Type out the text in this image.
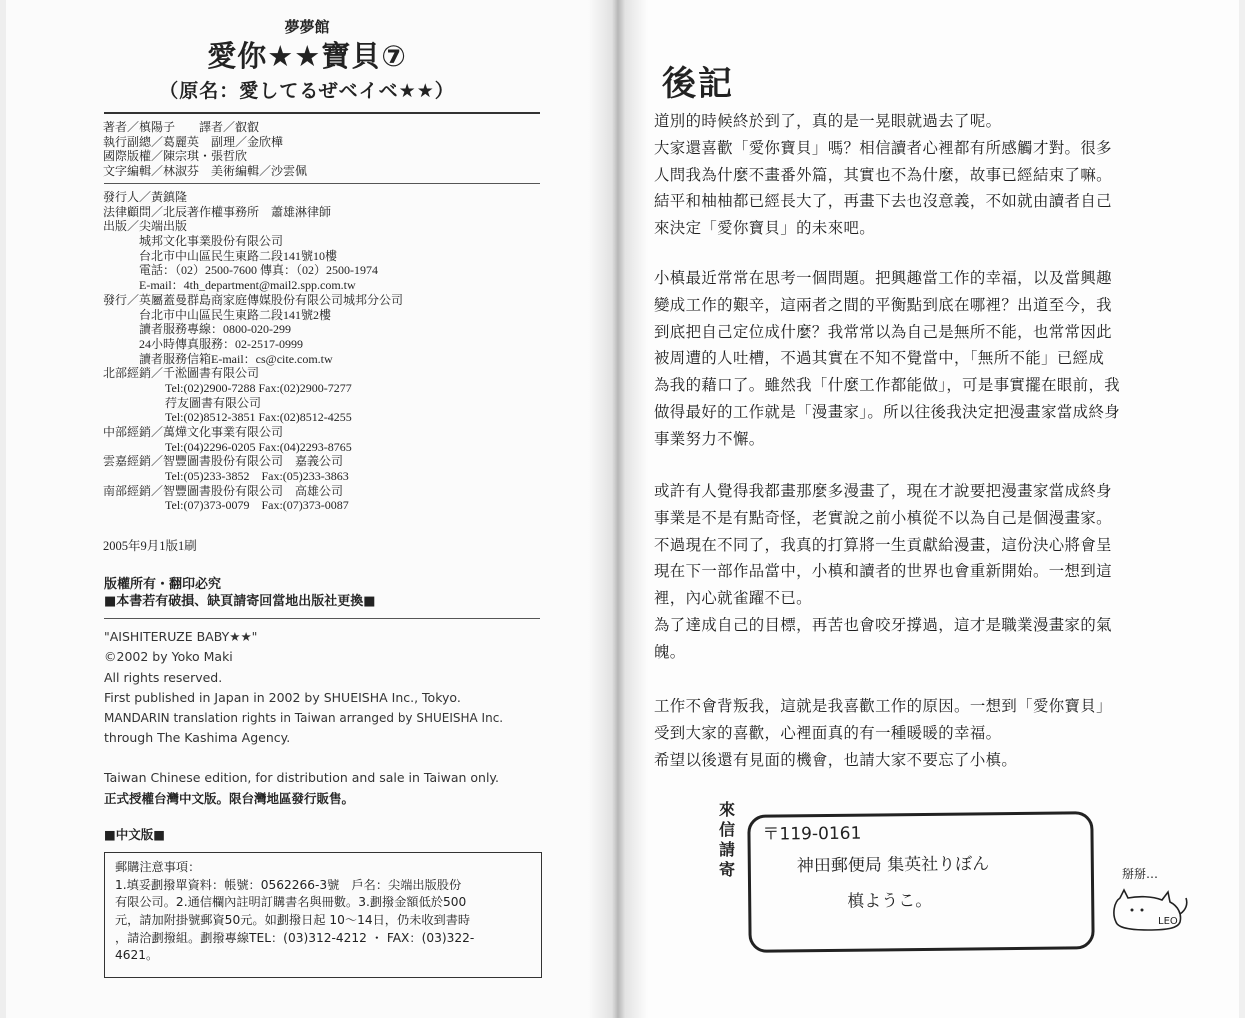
夢夢館
愛你★★寶貝⑦
（原名：愛してるぜベイベ★★）
著者／槙陽子　　譯者／叡叡
執行副總／葛麗英　副理／金欣樺
國際版權／陳宗琪・張哲欣
文字編輯／林淑芬　美術編輯／沙雲佩
發行人／黃鎮隆
法律顧問／北辰著作權事務所　蕭雄淋律師
出版／尖端出版
城邦文化事業股份有限公司
台北市中山區民生東路二段141號10樓
電話：（02）2500-7600 傳真：（02）2500-1974
E-mail：4th_department@mail2.spp.com.tw
發行／英屬蓋曼群島商家庭傳媒股份有限公司城邦分公司
台北市中山區民生東路二段141號2樓
讀者服務專線：0800-020-299
24小時傳真服務：02-2517-0999
讀者服務信箱E-mail：cs@cite.com.tw
北部經銷／千淞圖書有限公司
Tel:(02)2900-7288 Fax:(02)2900-7277
荇友圖書有限公司
Tel:(02)8512-3851 Fax:(02)8512-4255
中部經銷／萬燁文化事業有限公司
Tel:(04)2296-0205 Fax:(04)2293-8765
雲嘉經銷／智豐圖書股份有限公司　嘉義公司
Tel:(05)233-3852　Fax:(05)233-3863
南部經銷／智豐圖書股份有限公司　高雄公司
Tel:(07)373-0079　Fax:(07)373-0087
2005年9月1版1刷
版權所有・翻印必究
■本書若有破損、缺頁請寄回當地出版社更換■
"AISHITERUZE BABY★★"
©2002 by Yoko Maki
All rights reserved.
First published in Japan in 2002 by SHUEISHA Inc., Tokyo.
MANDARIN translation rights in Taiwan arranged by SHUEISHA Inc.
through The Kashima Agency.
Taiwan Chinese edition, for distribution and sale in Taiwan only.
正式授權台灣中文版。限台灣地區發行販售。
■中文版■
郵購注意事項：
1.填妥劃撥單資料：帳號：0562266-3號　戶名：尖端出版股份
有限公司。2.通信欄內註明訂購書名與冊數。3.劃撥金額低於500
元，請加附掛號郵資50元。如劃撥日起 10～14日，仍未收到書時
，請洽劃撥組。劃撥專線TEL：(03)312-4212 ・ FAX：(03)322-
4621。
後記
道別的時候終於到了，真的是一晃眼就過去了呢。
大家還喜歡「愛你寶貝」嗎？相信讀者心裡都有所感觸才對。很多
人問我為什麼不畫番外篇，其實也不為什麼，故事已經結束了嘛。
結平和柚柚都已經長大了，再畫下去也沒意義，不如就由讀者自己
來決定「愛你寶貝」的未來吧。
小槙最近常常在思考一個問題。把興趣當工作的幸福，以及當興趣
變成工作的艱辛，這兩者之間的平衡點到底在哪裡？出道至今，我
到底把自己定位成什麼？我常常以為自己是無所不能，也常常因此
被周遭的人吐槽，不過其實在不知不覺當中，「無所不能」已經成
為我的藉口了。雖然我「什麼工作都能做」，可是事實擺在眼前，我
做得最好的工作就是「漫畫家」。所以往後我決定把漫畫家當成終身
事業努力不懈。
或許有人覺得我都畫那麼多漫畫了，現在才說要把漫畫家當成終身
事業是不是有點奇怪，老實說之前小槙從不以為自己是個漫畫家。
不過現在不同了，我真的打算將一生貢獻給漫畫，這份決心將會呈
現在下一部作品當中，小槙和讀者的世界也會重新開始。一想到這
裡，內心就雀躍不已。
為了達成自己的目標，再苦也會咬牙撐過，這才是職業漫畫家的氣
魄。
工作不會背叛我，這就是我喜歡工作的原因。一想到「愛你寶貝」
受到大家的喜歡，心裡面真的有一種暖暖的幸福。
希望以後還有見面的機會，也請大家不要忘了小槙。
來
信
請
寄
〒119-0161
神田郵便局 集英社りぼん
槙ようこ。
掰掰…
LEO
